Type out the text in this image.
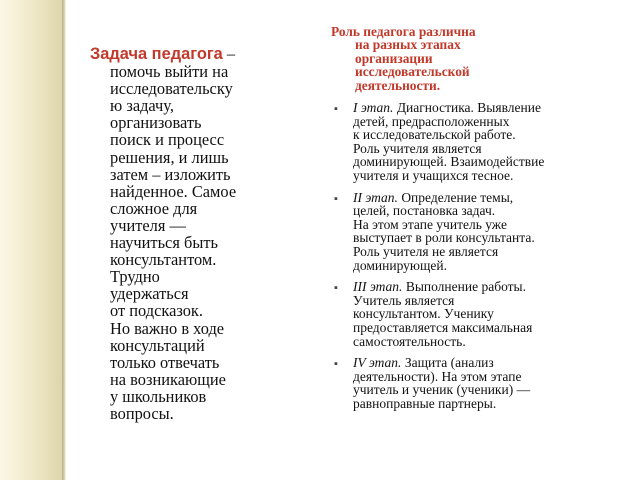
Задача педагога –
помочь выйти на
исследовательску
ю задачу,
организовать
поиск и процесс
решения, и лишь
затем – изложить
найденное. Самое
сложное для
учителя —
научиться быть
консультантом.
Трудно
удержаться
от подсказок.
Но важно в ходе
консультаций
только отвечать
на возникающие
у школьников
вопросы.
Роль педагога различна
на разных этапах
организации
исследовательской
деятельности.
▪ I этап. Диагностика. Выявление
детей, предрасположенных
к исследовательской работе.
Роль учителя является
доминирующей. Взаимодействие
учителя и учащихся тесное.
▪ II этап. Определение темы,
целей, постановка задач.
На этом этапе учитель уже
выступает в роли консультанта.
Роль учителя не является
доминирующей.
▪ III этап. Выполнение работы.
Учитель является
консультантом. Ученику
предоставляется максимальная
самостоятельность.
▪ IV этап. Защита (анализ
деятельности). На этом этапе
учитель и ученик (ученики) —
равноправные партнеры.
